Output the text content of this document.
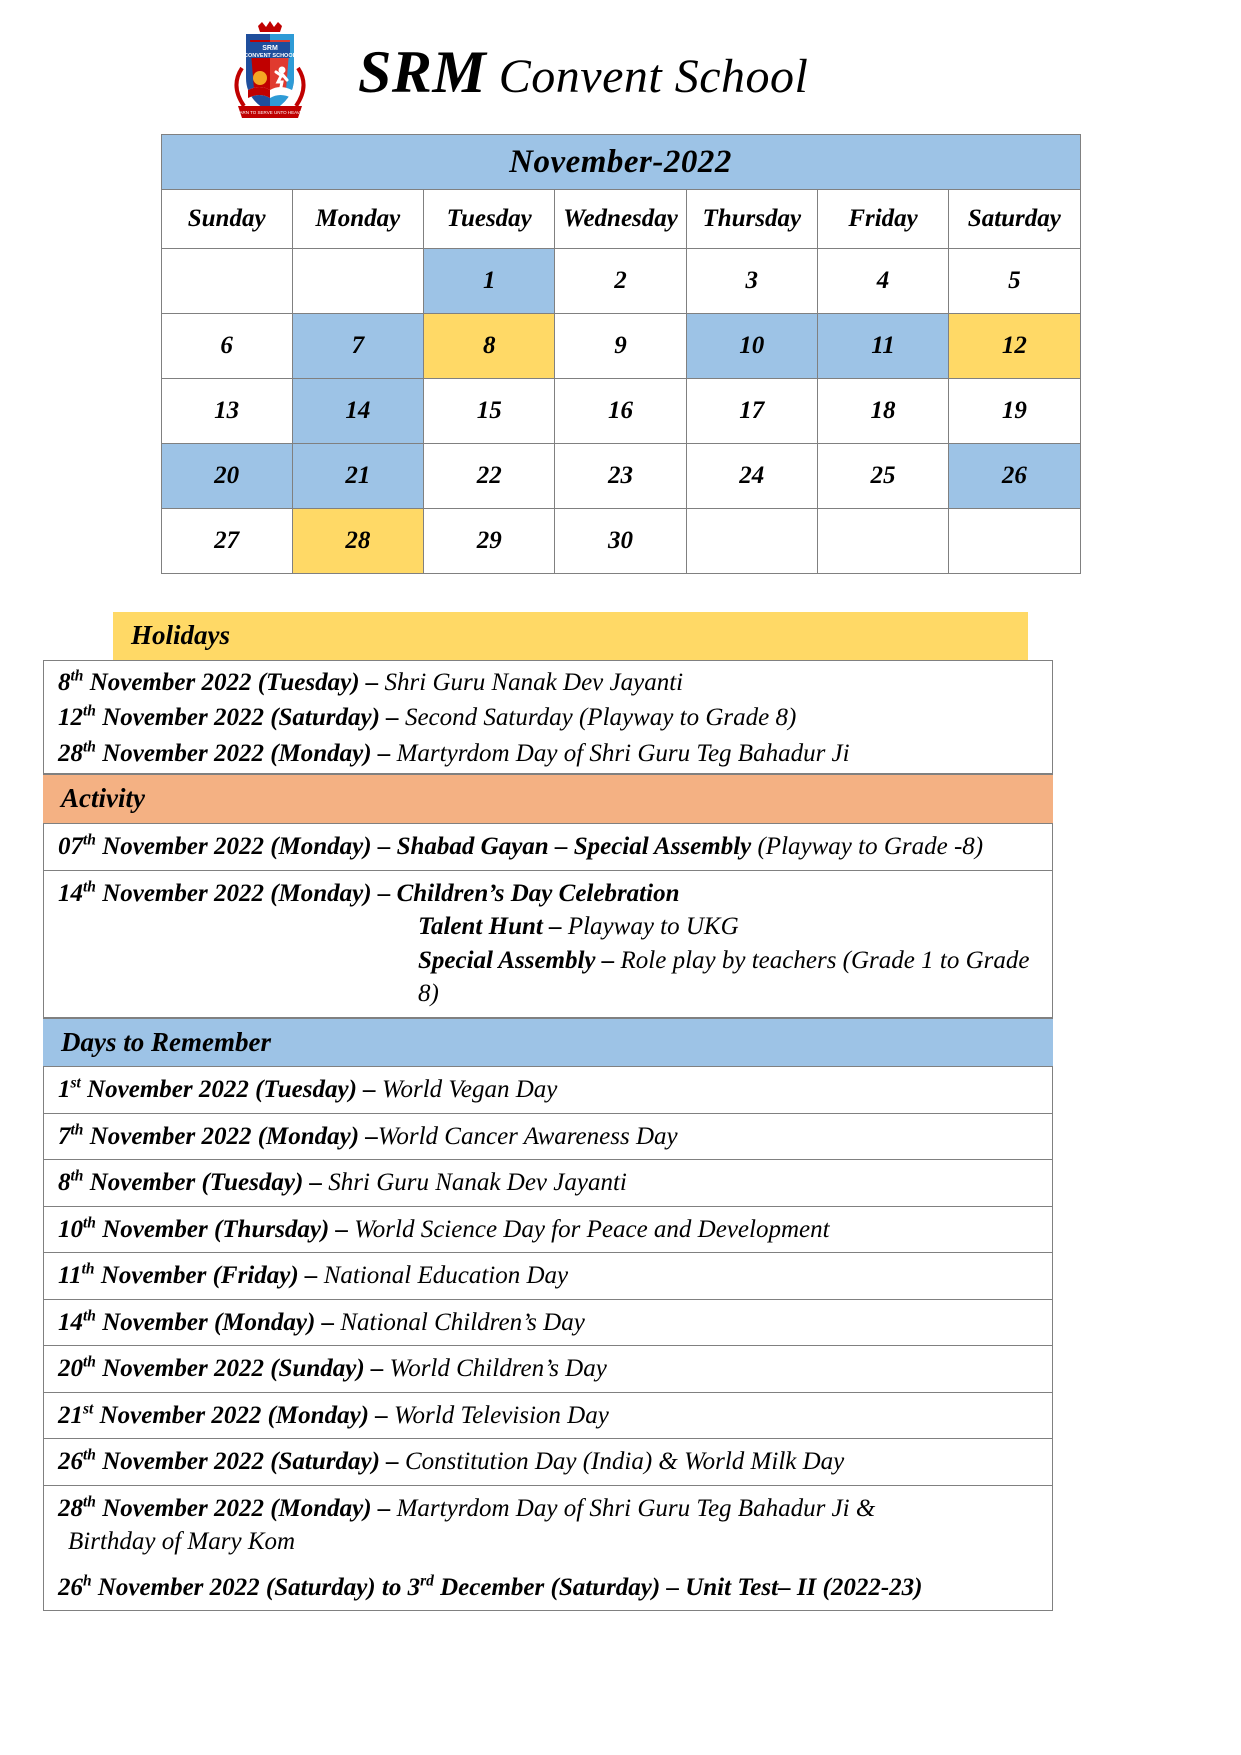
SRM
CONVENT SCHOOL
LEARN TO SERVE UNTO HEAVEN
SRM Convent School
November-2022						
Sunday	Monday	Tuesday	Wednesday	Thursday	Friday	Saturday
		1	2	3	4	5
6	7	8	9	10	11	12
13	14	15	16	17	18	19
20	21	22	23	24	25	26
27	28	29	30			
Holidays
8th November 2022 (Tuesday) – Shri Guru Nanak Dev Jayanti
12th November 2022 (Saturday) – Second Saturday (Playway to Grade 8)
28th November 2022 (Monday) – Martyrdom Day of Shri Guru Teg Bahadur Ji
Activity
07th November 2022 (Monday) – Shabad Gayan – Special Assembly (Playway to Grade -8)
14th November 2022 (Monday) – Children’s Day Celebration
Talent Hunt – Playway to UKG
Special Assembly – Role play by teachers (Grade 1 to Grade 8)
Days to Remember
1st November 2022 (Tuesday) – World Vegan Day
7th November 2022 (Monday) –World Cancer Awareness Day
8th November (Tuesday) – Shri Guru Nanak Dev Jayanti
10th November (Thursday) – World Science Day for Peace and Development
11th November (Friday) – National Education Day
14th November (Monday) – National Children’s Day
20th November 2022 (Sunday) – World Children’s Day
21st November 2022 (Monday) – World Television Day
26th November 2022 (Saturday) – Constitution Day (India) & World Milk Day
28th November 2022 (Monday) – Martyrdom Day of Shri Guru Teg Bahadur Ji &
Birthday of Mary Kom
26$^h$ November 2022 (Saturday) to 3rd December (Saturday) – Unit Test– II (2022-23)
